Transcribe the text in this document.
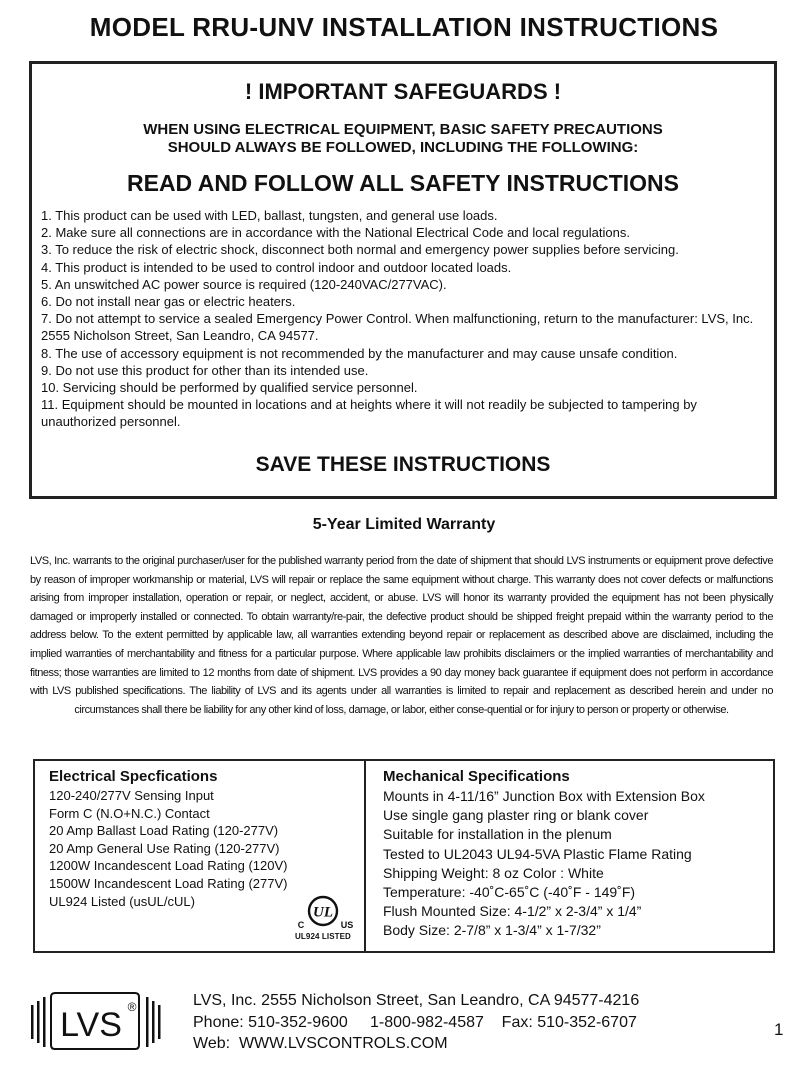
MODEL RRU-UNV INSTALLATION INSTRUCTIONS
! IMPORTANT SAFEGUARDS !
WHEN USING ELECTRICAL EQUIPMENT, BASIC SAFETY PRECAUTIONS
SHOULD ALWAYS BE FOLLOWED, INCLUDING THE FOLLOWING:
READ AND FOLLOW ALL SAFETY INSTRUCTIONS
1. This product can be used with LED, ballast, tungsten, and general use loads.
2. Make sure all connections are in accordance with the National Electrical Code and local regulations.
3. To reduce the risk of electric shock, disconnect both normal and emergency power supplies before servicing.
4. This product is intended to be used to control indoor and outdoor located loads.
5. An unswitched AC power source is required (120-240VAC/277VAC).
6. Do not install near gas or electric heaters.
7. Do not attempt to service a sealed Emergency Power Control. When malfunctioning, return to the manufacturer: LVS, Inc. 2555 Nicholson Street, San Leandro, CA 94577.
8. The use of accessory equipment is not recommended by the manufacturer and may cause unsafe condition.
9. Do not use this product for other than its intended use.
10. Servicing should be performed by qualified service personnel.
11. Equipment should be mounted in locations and at heights where it will not readily be subjected to tampering by unauthorized personnel.
SAVE THESE INSTRUCTIONS
5-Year Limited Warranty
LVS, Inc. warrants to the original purchaser/user for the published warranty period from the date of shipment that should LVS instruments or equipment prove defective by reason of improper workmanship or material, LVS will repair or replace the same equipment without charge. This warranty does not cover defects or malfunctions arising from improper installation, operation or repair, or neglect, accident, or abuse. LVS will honor its warranty provided the equipment has not been physically damaged or improperly installed or connected. To obtain warranty/re-pair, the defective product should be shipped freight prepaid within the warranty period to the address below. To the extent permitted by applicable law, all warranties extending beyond repair or replacement as described above are disclaimed, including the implied warranties of merchantability and fitness for a particular purpose. Where applicable law prohibits disclaimers or the implied warranties of merchantability and fitness; those warranties are limited to 12 months from date of shipment. LVS provides a 90 day money back guarantee if equipment does not perform in accordance with LVS published specifications. The liability of LVS and its agents under all warranties is limited to repair and replacement as described herein and under no circumstances shall there be liability for any other kind of loss, damage, or labor, either conse-quential or for injury to person or property or otherwise.
Electrical Specfications
120-240/277V Sensing Input
Form C (N.O+N.C.) Contact
20 Amp Ballast Load Rating (120-277V)
20 Amp General Use Rating (120-277V)
1200W Incandescent Load Rating (120V)
1500W Incandescent Load Rating (277V)
UL924 Listed (usUL/cUL)
UL
C	US
UL924 LISTED
Mechanical Specifications
Mounts in 4-11/16” Junction Box with Extension Box
Use single gang plaster ring or blank cover
Suitable for installation in the plenum
Tested to UL2043 UL94-5VA Plastic Flame Rating
Shipping Weight: 8 oz Color : White
Temperature: -40˚C-65˚C (-40˚F - 149˚F)
Flush Mounted Size: 4-1/2” x 2-3/4” x 1/4”
Body Size: 2-7/8” x 1-3/4” x 1-7/32”
LVS ®	LVS, Inc. 2555 Nicholson Street, San Leandro, CA 94577-4216
Phone: 510-352-9600     1-800-982-4587    Fax: 510-352-6707
Web:  WWW.LVSCONTROLS.COM
1
